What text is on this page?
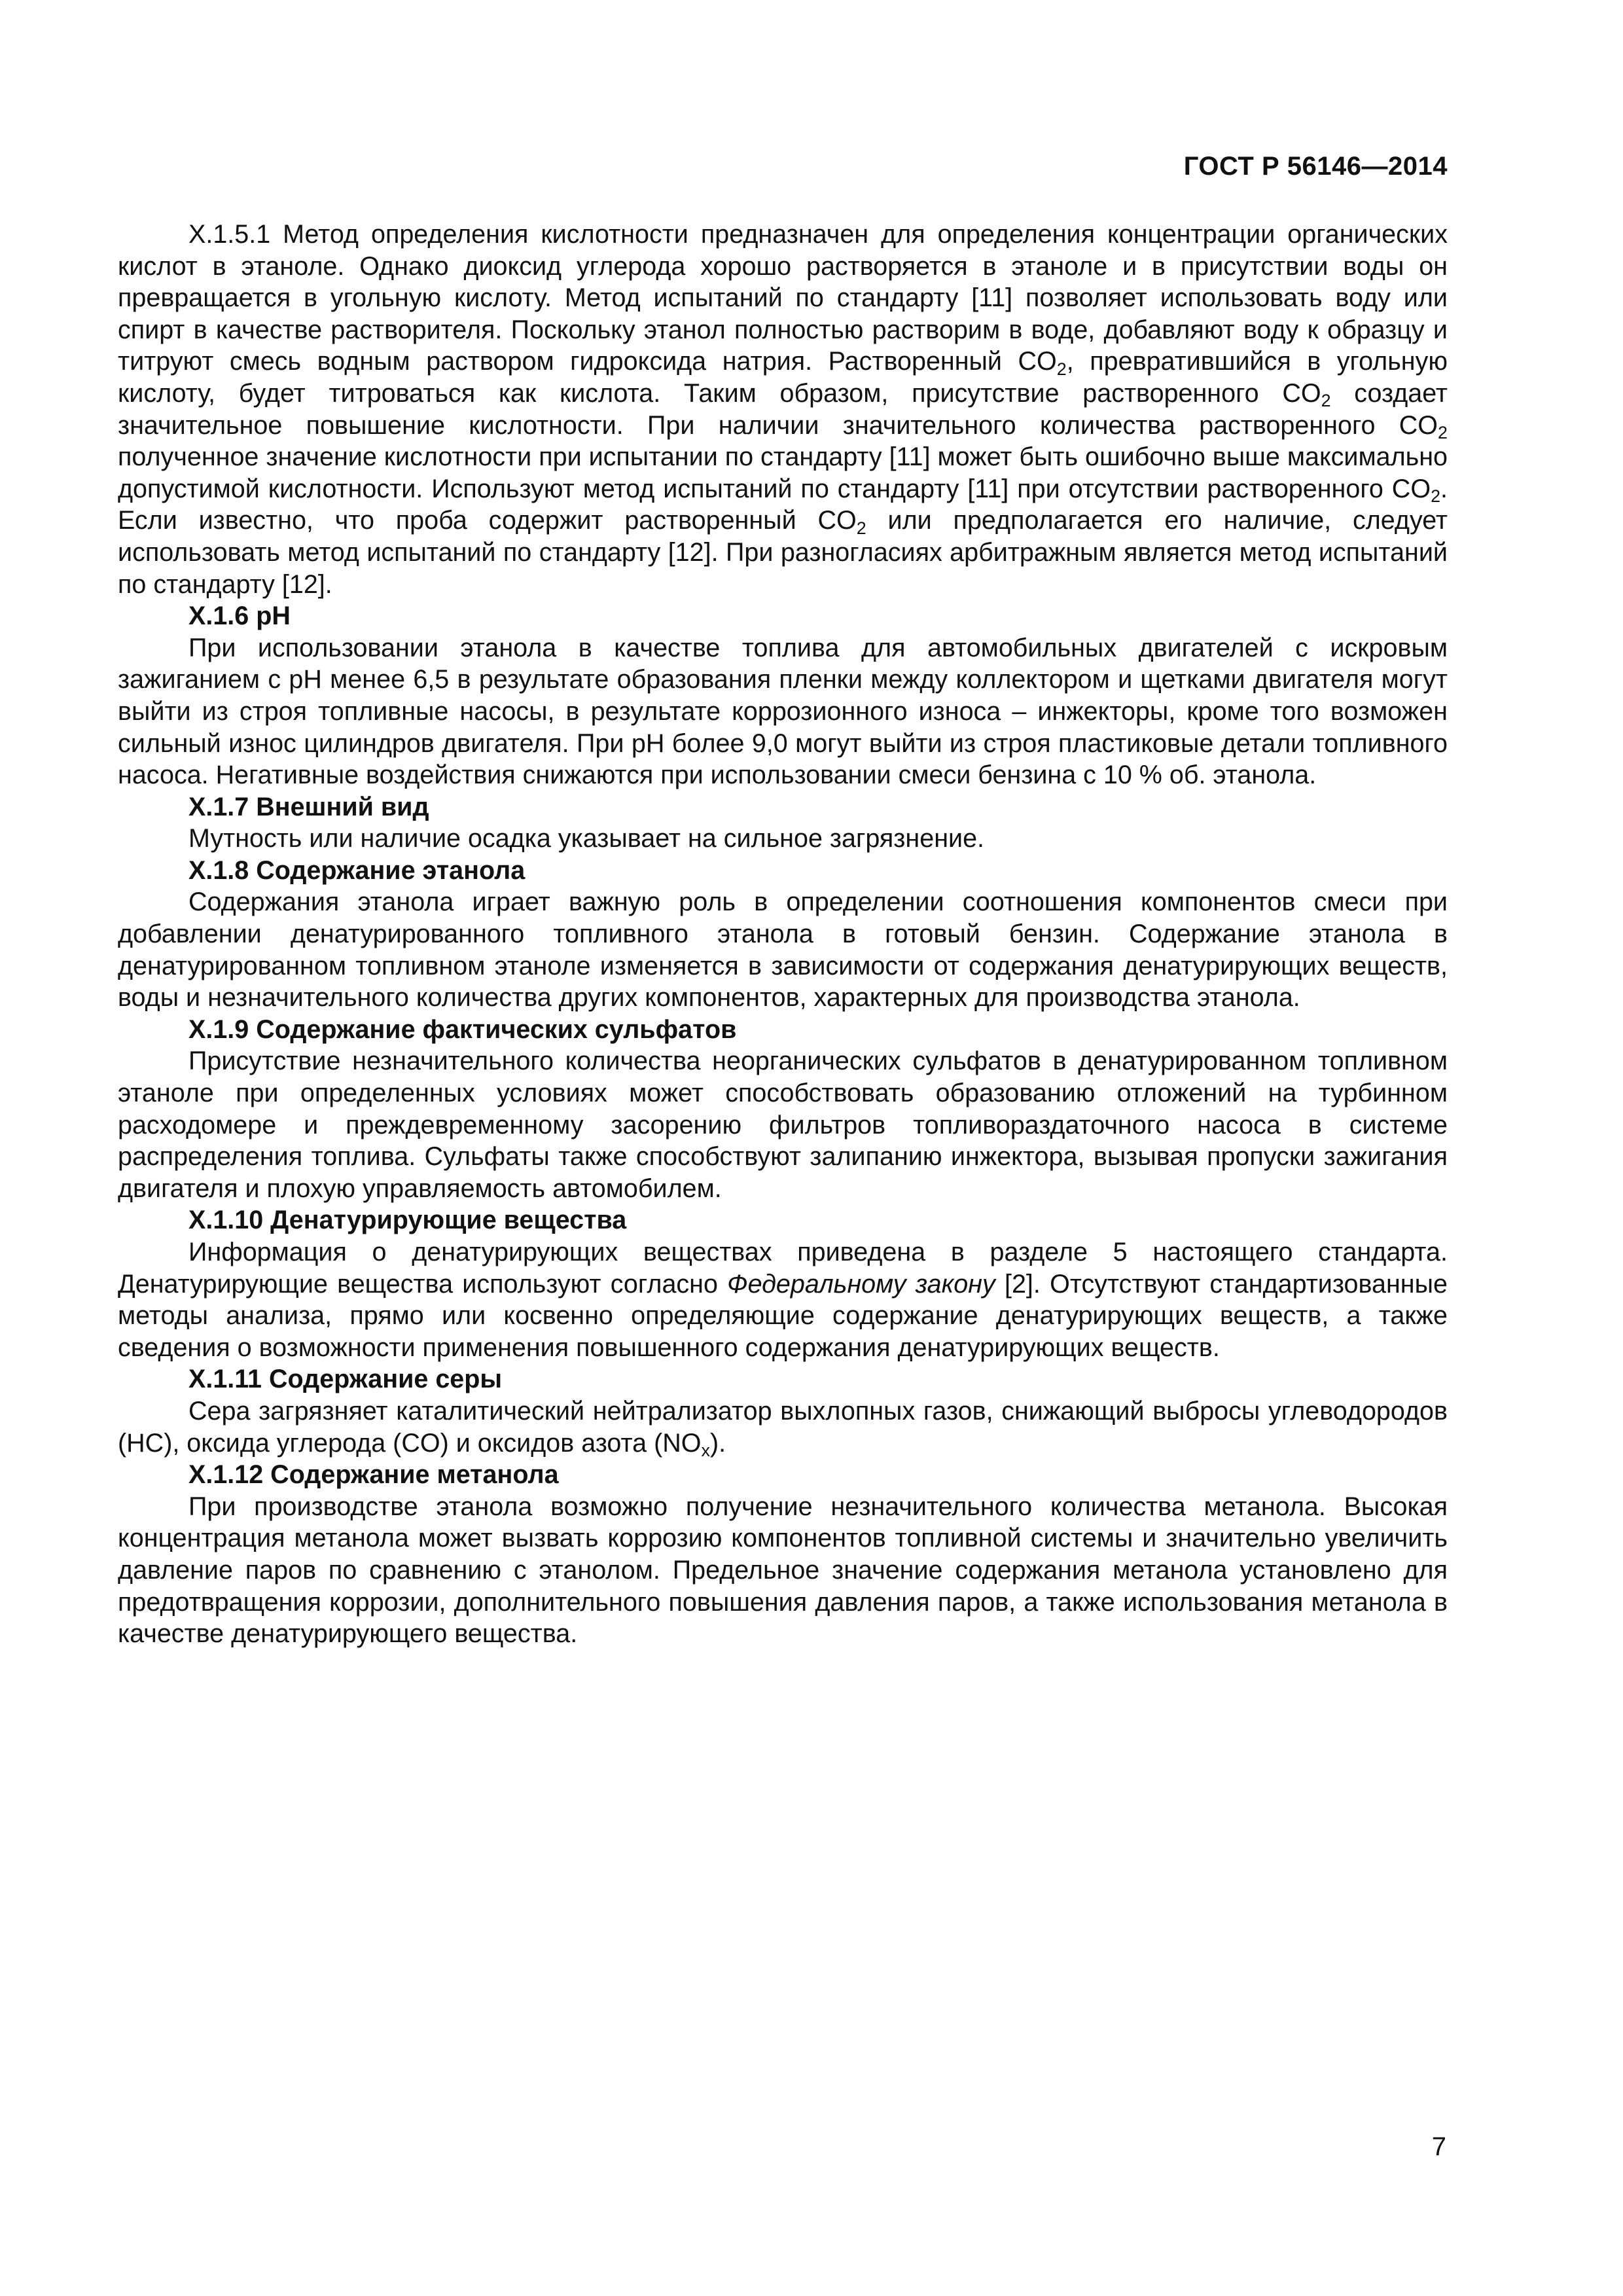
ГОСТ Р 56146—2014

Х.1.5.1 Метод определения кислотности предназначен для определения концентрации органических кислот в этаноле. Однако диоксид углерода хорошо растворяется в этаноле и в присутствии воды он превращается в угольную кислоту. Метод испытаний по стандарту [11] позволяет использовать воду или спирт в качестве растворителя. Поскольку этанол полностью растворим в воде, добавляют воду к образцу и титруют смесь водным раствором гидроксида натрия. Растворенный $CO_2$, превратившийся в угольную кислоту, будет титроваться как кислота. Таким образом, присутствие растворенного $CO_2$ создает значительное повышение кислотности. При наличии значительного количества растворенного $CO_2$ полученное значение кислотности при испытании по стандарту [11] может быть ошибочно выше максимально допустимой кислотности. Используют метод испытаний по стандарту [11] при отсутствии растворенного $CO_2$. Если известно, что проба содержит растворенный $CO_2$ или предполагается его наличие, следует использовать метод испытаний по стандарту [12]. При разногласиях арбитражным является метод испытаний по стандарту [12].

Х.1.6 pH

При использовании этанола в качестве топлива для автомобильных двигателей с искровым зажиганием с pH менее 6,5 в результате образования пленки между коллектором и щетками двигателя могут выйти из строя топливные насосы, в результате коррозионного износа – инжекторы, кроме того возможен сильный износ цилиндров двигателя. При pH более 9,0 могут выйти из строя пластиковые детали топливного насоса. Негативные воздействия снижаются при использовании смеси бензина с 10 % об. этанола.

Х.1.7 Внешний вид

Мутность или наличие осадка указывает на сильное загрязнение.

Х.1.8 Содержание этанола

Содержания этанола играет важную роль в определении соотношения компонентов смеси при добавлении денатурированного топливного этанола в готовый бензин. Содержание этанола в денатурированном топливном этаноле изменяется в зависимости от содержания денатурирующих веществ, воды и незначительного количества других компонентов, характерных для производства этанола.

Х.1.9 Содержание фактических сульфатов

Присутствие незначительного количества неорганических сульфатов в денатурированном топливном этаноле при определенных условиях может способствовать образованию отложений на турбинном расходомере и преждевременному засорению фильтров топливораздаточного насоса в системе распределения топлива. Сульфаты также способствуют залипанию инжектора, вызывая пропуски зажигания двигателя и плохую управляемость автомобилем.

Х.1.10 Денатурирующие вещества

Информация о денатурирующих веществах приведена в разделе 5 настоящего стандарта. Денатурирующие вещества используют согласно Федеральному закону [2]. Отсутствуют стандартизованные методы анализа, прямо или косвенно определяющие содержание денатурирующих веществ, а также сведения о возможности применения повышенного содержания денатурирующих веществ.

Х.1.11 Содержание серы

Сера загрязняет каталитический нейтрализатор выхлопных газов, снижающий выбросы углеводородов (HC), оксида углерода (CO) и оксидов азота $(NO_x)$.

Х.1.12 Содержание метанола

При производстве этанола возможно получение незначительного количества метанола. Высокая концентрация метанола может вызвать коррозию компонентов топливной системы и значительно увеличить давление паров по сравнению с этанолом. Предельное значение содержания метанола установлено для предотвращения коррозии, дополнительного повышения давления паров, а также использования метанола в качестве денатурирующего вещества.

7
